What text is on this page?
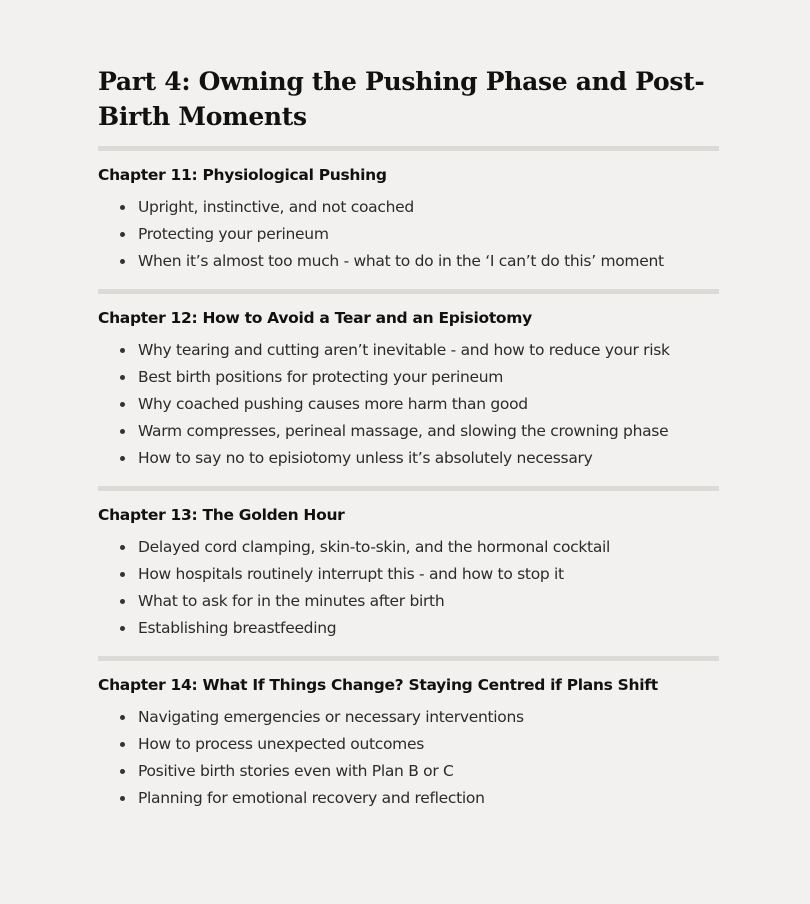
Part 4: Owning the Pushing Phase and Post-Birth Moments
Chapter 11: Physiological Pushing
Upright, instinctive, and not coached
Protecting your perineum
When it’s almost too much - what to do in the ‘I can’t do this’ moment
Chapter 12: How to Avoid a Tear and an Episiotomy
Why tearing and cutting aren’t inevitable - and how to reduce your risk
Best birth positions for protecting your perineum
Why coached pushing causes more harm than good
Warm compresses, perineal massage, and slowing the crowning phase
How to say no to episiotomy unless it’s absolutely necessary
Chapter 13: The Golden Hour
Delayed cord clamping, skin-to-skin, and the hormonal cocktail
How hospitals routinely interrupt this - and how to stop it
What to ask for in the minutes after birth
Establishing breastfeeding
Chapter 14: What If Things Change? Staying Centred if Plans Shift
Navigating emergencies or necessary interventions
How to process unexpected outcomes
Positive birth stories even with Plan B or C
Planning for emotional recovery and reflection
